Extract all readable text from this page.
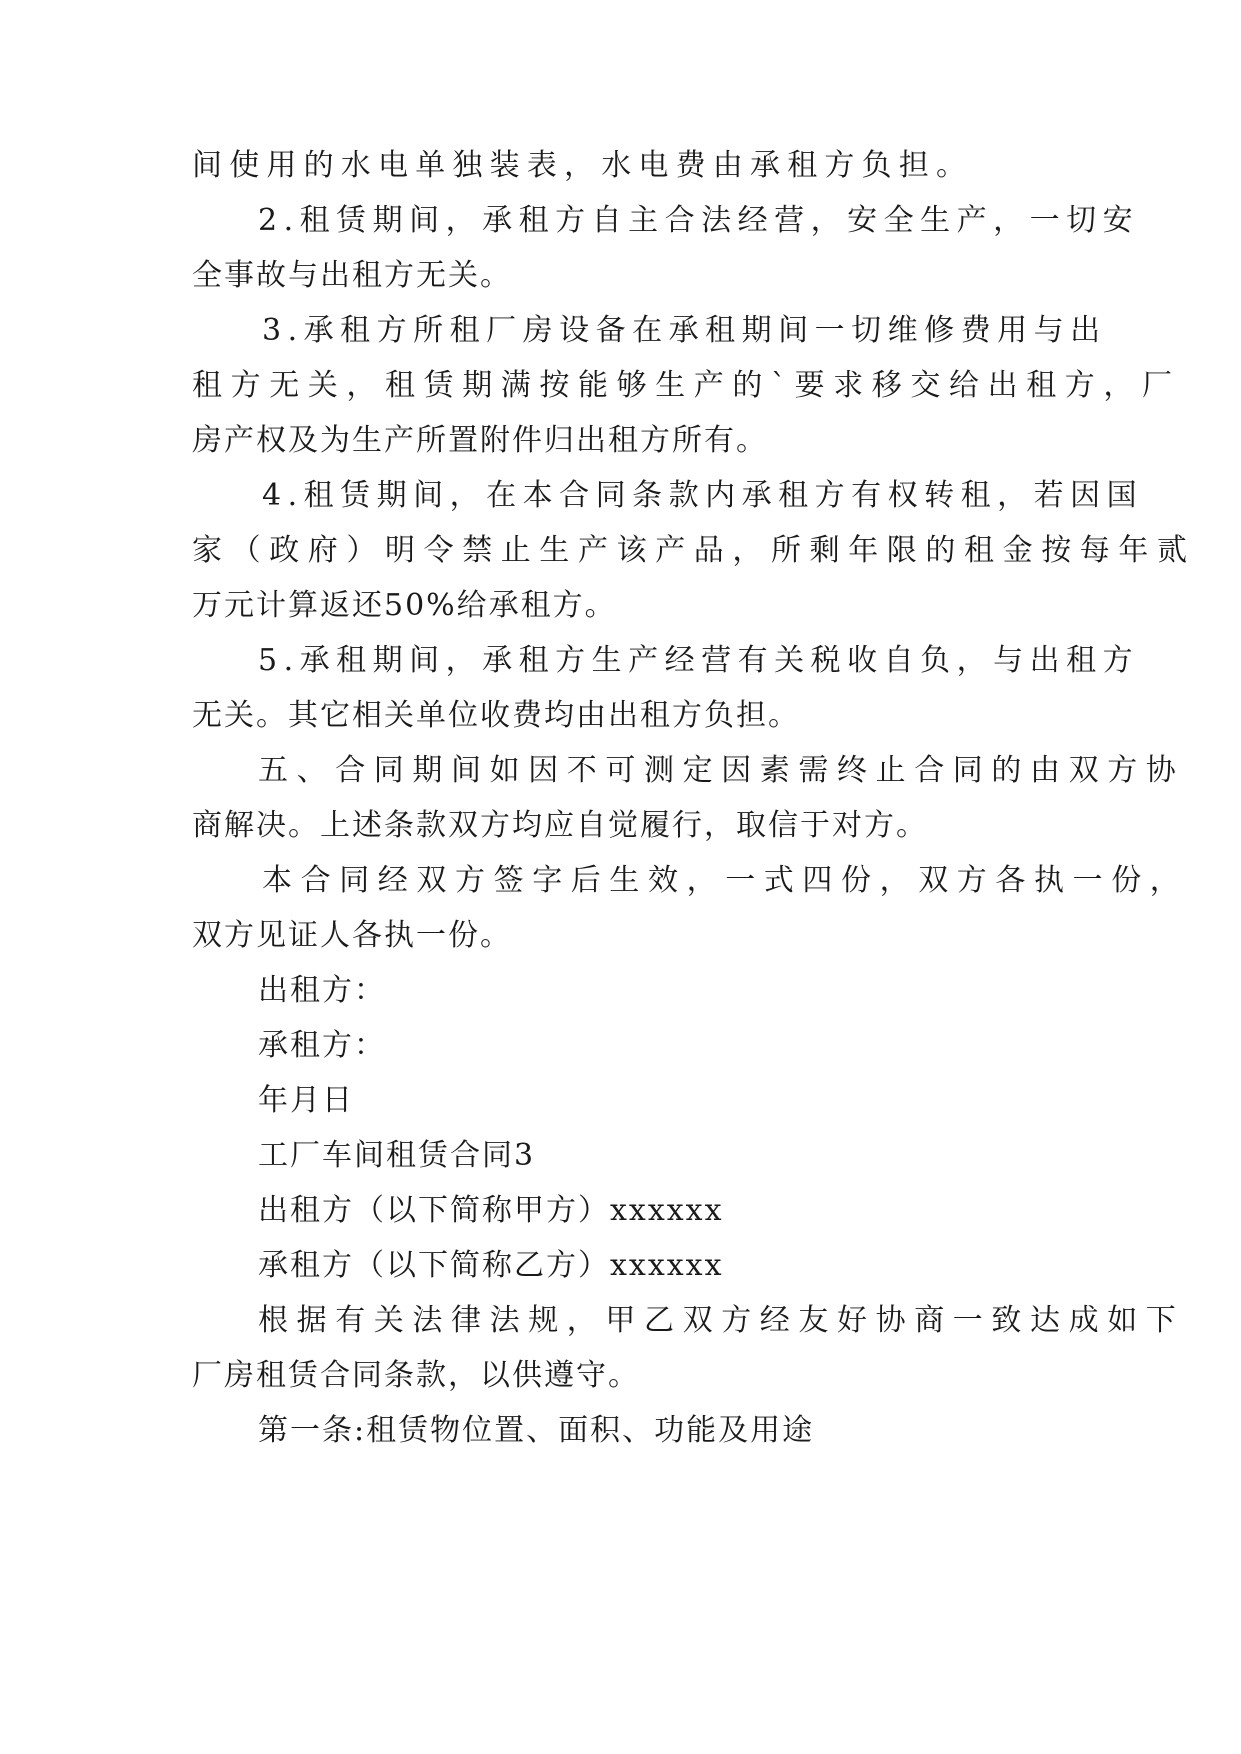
间使用的水电单独装表，水电费由承租方负担。
2.租赁期间，承租方自主合法经营，安全生产，一切安
全事故与出租方无关。
3.承租方所租厂房设备在承租期间一切维修费用与出
租方无关，租赁期满按能够生产的`要求移交给出租方，厂
房产权及为生产所置附件归出租方所有。
4.租赁期间，在本合同条款内承租方有权转租，若因国
家（政府）明令禁止生产该产品，所剩年限的租金按每年贰
万元计算返还50%给承租方。
5.承租期间，承租方生产经营有关税收自负，与出租方
无关。其它相关单位收费均由出租方负担。
五、合同期间如因不可测定因素需终止合同的由双方协
商解决。上述条款双方均应自觉履行，取信于对方。
本合同经双方签字后生效，一式四份，双方各执一份，
双方见证人各执一份。
出租方：
承租方：
年月日
工厂车间租赁合同3
出租方（以下简称甲方）xxxxxx
承租方（以下简称乙方）xxxxxx
根据有关法律法规，甲乙双方经友好协商一致达成如下
厂房租赁合同条款，以供遵守。
第一条:租赁物位置、面积、功能及用途
